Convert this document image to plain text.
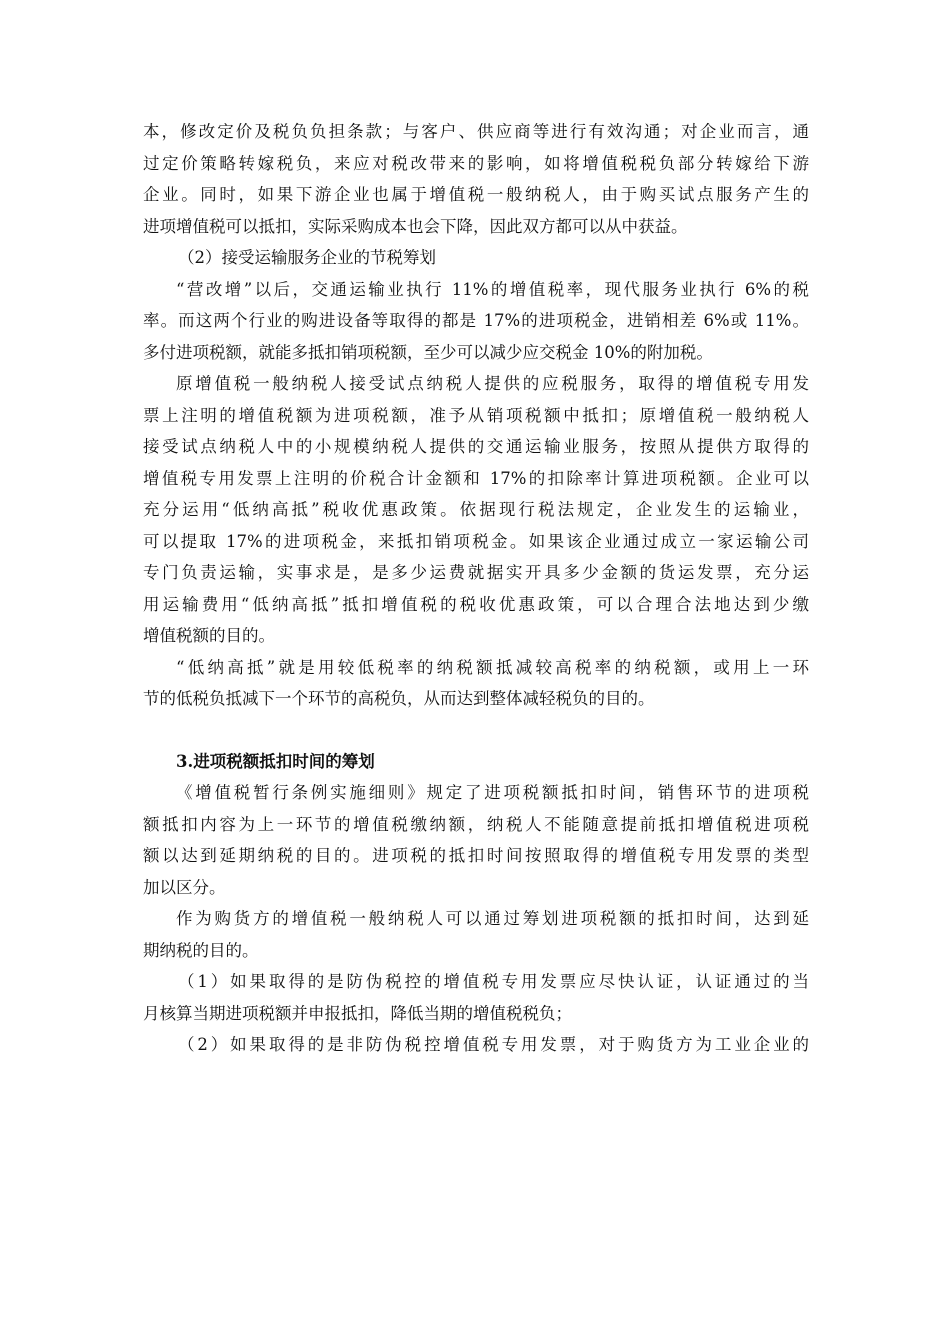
本，修改定价及税负负担条款；与客户、供应商等进行有效沟通；对企业而言，通

过定价策略转嫁税负，来应对税改带来的影响，如将增值税税负部分转嫁给下游

企业。同时，如果下游企业也属于增值税一般纳税人，由于购买试点服务产生的

进项增值税可以抵扣，实际采购成本也会下降，因此双方都可以从中获益。

（2）接受运输服务企业的节税筹划

“营改增”以后，交通运输业执行 11%的增值税率，现代服务业执行 6%的税

率。而这两个行业的购进设备等取得的都是 17%的进项税金，进销相差 6%或 11%。

多付进项税额，就能多抵扣销项税额，至少可以减少应交税金 10%的附加税。

原增值税一般纳税人接受试点纳税人提供的应税服务，取得的增值税专用发

票上注明的增值税额为进项税额，准予从销项税额中抵扣；原增值税一般纳税人

接受试点纳税人中的小规模纳税人提供的交通运输业服务，按照从提供方取得的

增值税专用发票上注明的价税合计金额和 17%的扣除率计算进项税额。企业可以

充分运用“低纳高抵”税收优惠政策。依据现行税法规定，企业发生的运输业，

可以提取 17%的进项税金，来抵扣销项税金。如果该企业通过成立一家运输公司

专门负责运输，实事求是，是多少运费就据实开具多少金额的货运发票，充分运

用运输费用“低纳高抵”抵扣增值税的税收优惠政策，可以合理合法地达到少缴

增值税额的目的。

“低纳高抵”就是用较低税率的纳税额抵减较高税率的纳税额，或用上一环

节的低税负抵减下一个环节的高税负，从而达到整体减轻税负的目的。

3.进项税额抵扣时间的筹划

《增值税暂行条例实施细则》规定了进项税额抵扣时间，销售环节的进项税

额抵扣内容为上一环节的增值税缴纳额，纳税人不能随意提前抵扣增值税进项税

额以达到延期纳税的目的。进项税的抵扣时间按照取得的增值税专用发票的类型

加以区分。

作为购货方的增值税一般纳税人可以通过筹划进项税额的抵扣时间，达到延

期纳税的目的。

（1）如果取得的是防伪税控的增值税专用发票应尽快认证，认证通过的当

月核算当期进项税额并申报抵扣，降低当期的增值税税负；

（2）如果取得的是非防伪税控增值税专用发票，对于购货方为工业企业的
